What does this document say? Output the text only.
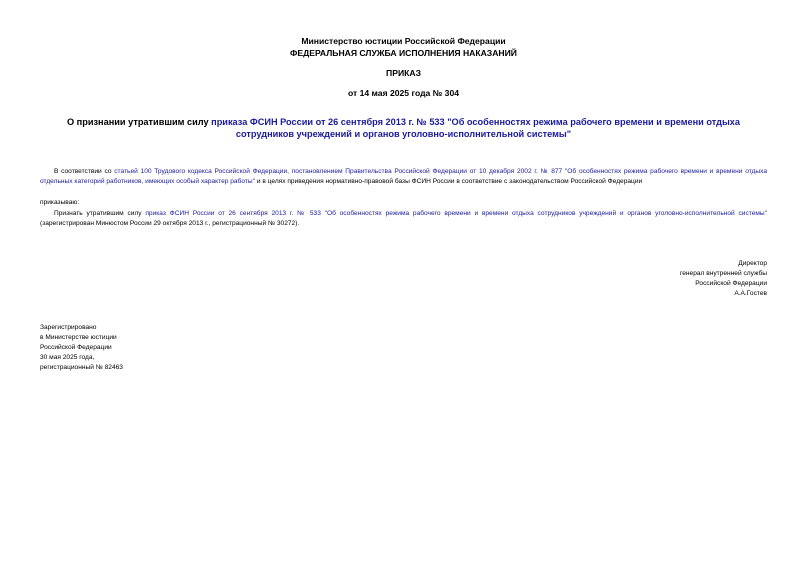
Министерство юстиции Российской Федерации
ФЕДЕРАЛЬНАЯ СЛУЖБА ИСПОЛНЕНИЯ НАКАЗАНИЙ
ПРИКАЗ
от 14 мая 2025 года № 304
О признании утратившим силу приказа ФСИН России от 26 сентября 2013 г. № 533 "Об особенностях режима рабочего времени и времени отдыха сотрудников учреждений и органов уголовно-исполнительной системы"
В соответствии со статьей 100 Трудового кодекса Российской Федерации, постановлением Правительства Российской Федерации от 10 декабря 2002 г. № 877 "Об особенностях режима рабочего времени и времени отдыха отдельных категорий работников, имеющих особый характер работы" и в целях приведения нормативно-правовой базы ФСИН России в соответствие с законодательством Российской Федерации
приказываю:
Признать утратившим силу приказ ФСИН России от 26 сентября 2013 г. № 533 "Об особенностях режима рабочего времени и времени отдыха сотрудников учреждений и органов уголовно-исполнительной системы" (зарегистрирован Минюстом России 29 октября 2013 г., регистрационный № 30272).
Директор
генерал внутренней службы
Российской Федерации
А.А.Гостев
Зарегистрировано
в Министерстве юстиции
Российской Федерации
30 мая 2025 года,
регистрационный № 82463
